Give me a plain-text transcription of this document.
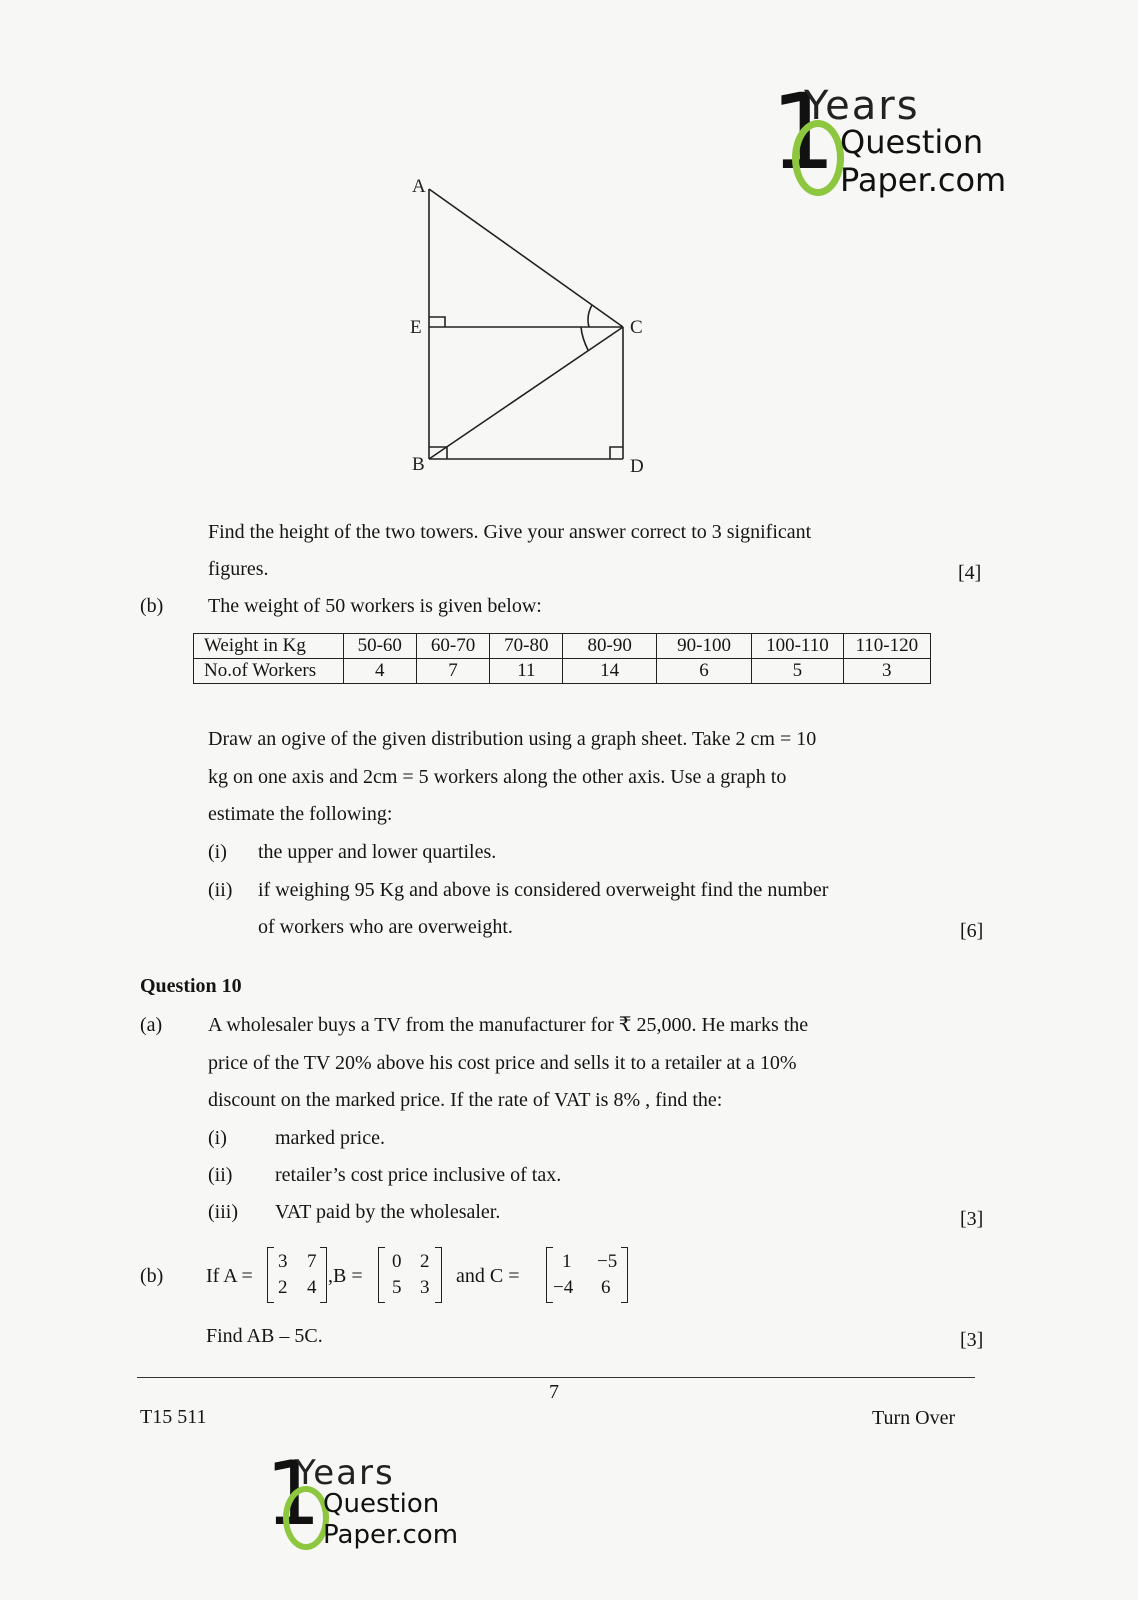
1
Years
Question
Paper.com
A
E	C
B	D
Find the height of the two towers. Give your answer correct to 3 significant
figures.	[4]
(b) The weight of 50 workers is given below:
Weight in Kg	50-60	60-70	70-80	80-90	90-100	100-110	110-120
No.of Workers	4	7	11	14	6	5	3
Draw an ogive of the given distribution using a graph sheet. Take 2 cm = 10
kg on one axis and 2cm = 5 workers along the other axis. Use a graph to
estimate the following:
(i) the upper and lower quartiles.
(ii) if weighing 95 Kg and above is considered overweight find the number
of workers who are overweight.	[6]
Question 10
(a) A wholesaler buys a TV from the manufacturer for ₹ 25,000. He marks the
price of the TV 20% above his cost price and sells it to a retailer at a 10%
discount on the marked price. If the rate of VAT is 8% , find the:
(i) marked price.
(ii) retailer’s cost price inclusive of tax.
(iii) VAT paid by the wholesaler.	[3]
(b) If A =
3 7
2 4
,B =
0 2
5 3
and C =
1 −5
−4 6
Find AB – 5C.	[3]
7
T15 511	Turn Over
1
Years
Question
Paper.com
